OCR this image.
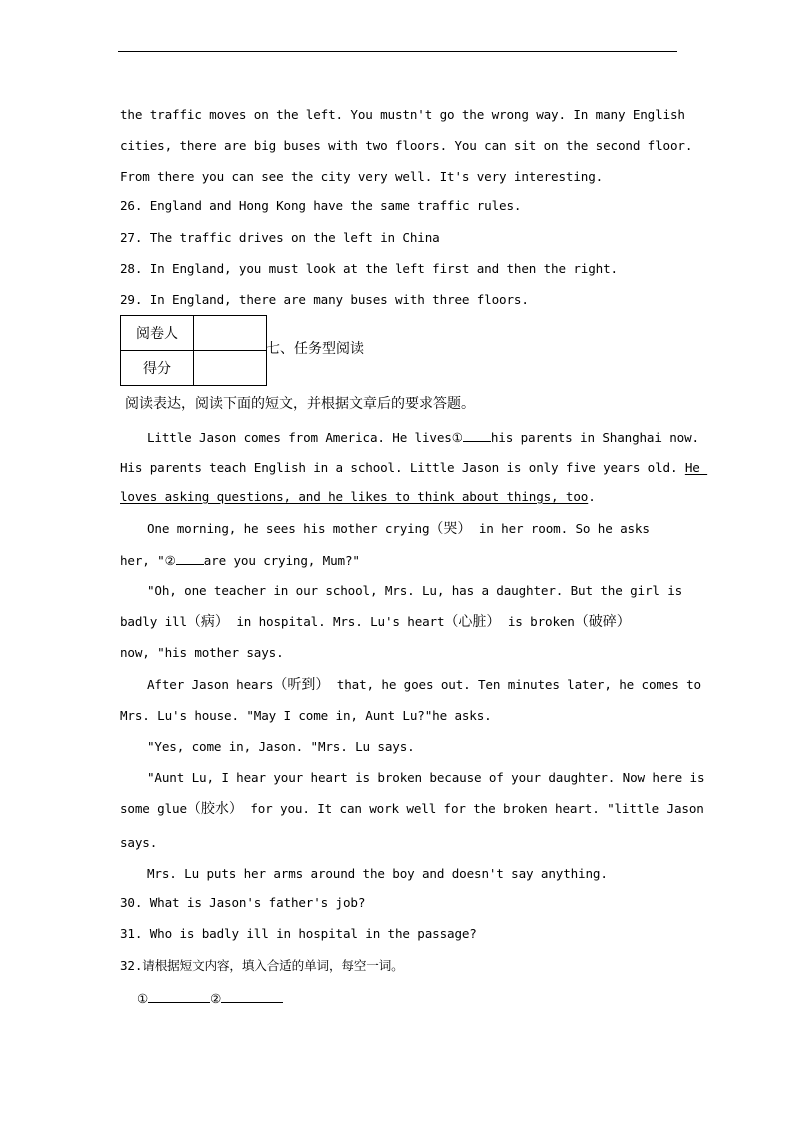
the traffic moves on the left. You mustn't go the wrong way. In many English
cities, there are big buses with two floors. You can sit on the second floor.
From there you can see the city very well. It's very interesting.
26. England and Hong Kong have the same traffic rules.
27. The traffic drives on the left in China
28. In England, you must look at the left first and then the right.
29. In England, there are many buses with three floors.
阅卷人	
得分	
七、任务型阅读
阅读表达，阅读下面的短文，并根据文章后的要求答题。
Little Jason comes from America. He lives① his parents in Shanghai now.
His parents teach English in a school. Little Jason is only five years old. He
loves asking questions, and he likes to think about things, too.
One morning, he sees his mother crying（哭） in her room. So he asks
her, "② are you crying, Mum?"
"Oh, one teacher in our school, Mrs. Lu, has a daughter. But the girl is
badly ill（病） in hospital. Mrs. Lu's heart（心脏） is broken（破碎）
now, "his mother says.
After Jason hears（听到） that, he goes out. Ten minutes later, he comes to
Mrs. Lu's house. "May I come in, Aunt Lu?"he asks.
"Yes, come in, Jason. "Mrs. Lu says.
"Aunt Lu, I hear your heart is broken because of your daughter. Now here is
some glue（胶水） for you. It can work well for the broken heart. "little Jason
says.
Mrs. Lu puts her arms around the boy and doesn't say anything.
30. What is Jason's father's job?
31. Who is badly ill in hospital in the passage?
32.请根据短文内容，填入合适的单词，每空一词。
①	②
